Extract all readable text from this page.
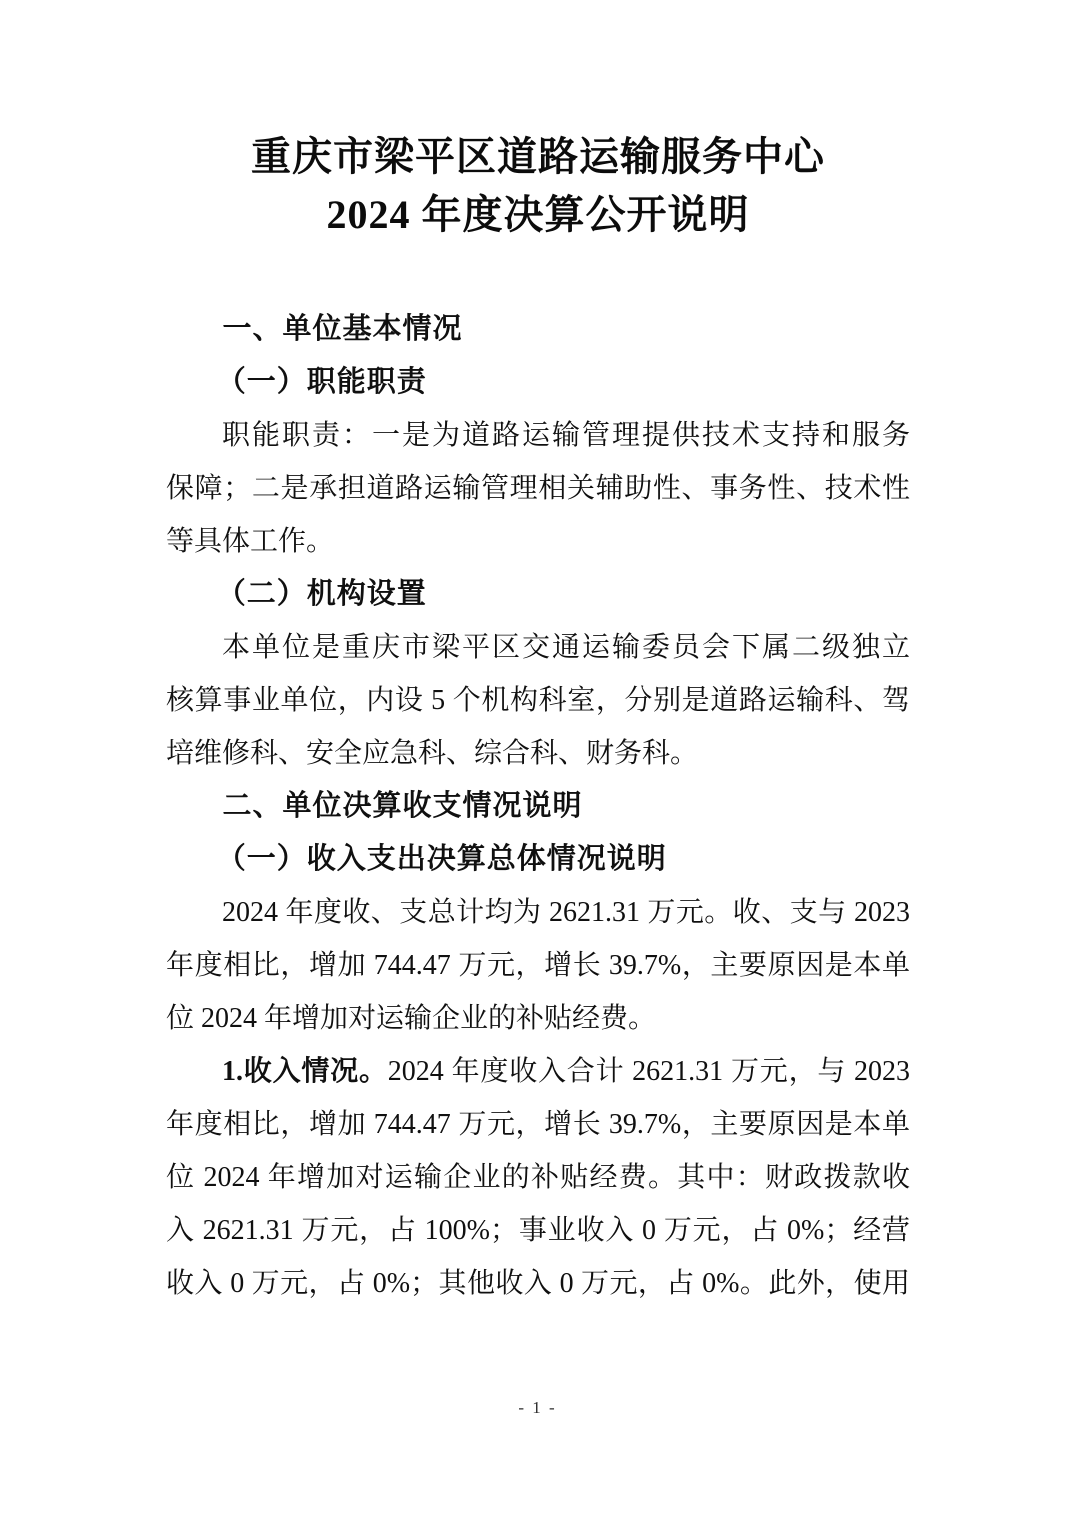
重庆市梁平区道路运输服务中心
2024 年度决算公开说明
一、单位基本情况
（一）职能职责
职能职责：一是为道路运输管理提供技术支持和服务
保障；二是承担道路运输管理相关辅助性、事务性、技术性
等具体工作。
（二）机构设置
本单位是重庆市梁平区交通运输委员会下属二级独立
核算事业单位，内设 5 个机构科室，分别是道路运输科、驾
培维修科、安全应急科、综合科、财务科。
二、单位决算收支情况说明
（一）收入支出决算总体情况说明
2024 年度收、支总计均为 2621.31 万元。收、支与 2023
年度相比，增加 744.47 万元，增长 39.7%，主要原因是本单
位 2024 年增加对运输企业的补贴经费。
1.收入情况。2024 年度收入合计 2621.31 万元，与 2023
年度相比，增加 744.47 万元，增长 39.7%，主要原因是本单
位 2024 年增加对运输企业的补贴经费。其中：财政拨款收
入 2621.31 万元，占 100%；事业收入 0 万元，占 0%；经营
收入 0 万元，占 0%；其他收入 0 万元，占 0%。此外，使用
- 1 -
